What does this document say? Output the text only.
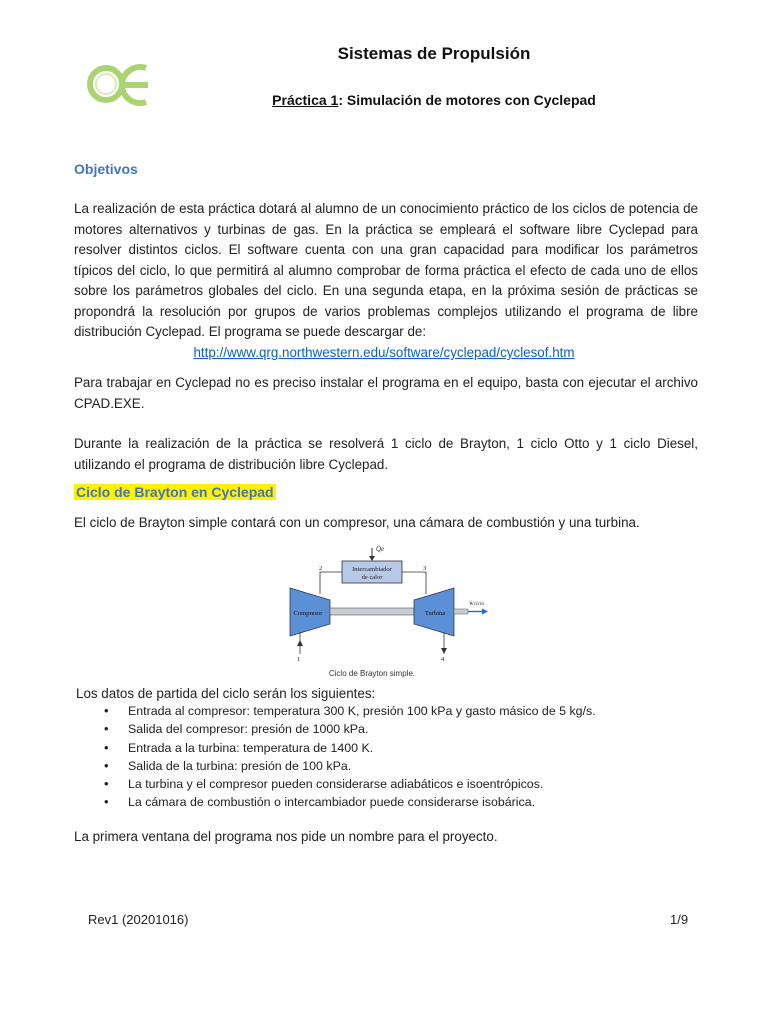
Sistemas de Propulsión
Práctica 1: Simulación de motores con Cyclepad
Objetivos
La realización de esta práctica dotará al alumno de un conocimiento práctico de los ciclos de potencia de motores alternativos y turbinas de gas. En la práctica se empleará el software libre Cyclepad para resolver distintos ciclos. El software cuenta con una gran capacidad para modificar los parámetros típicos del ciclo, lo que permitirá al alumno comprobar de forma práctica el efecto de cada uno de ellos sobre los parámetros globales del ciclo. En una segunda etapa, en la próxima sesión de prácticas se propondrá la resolución por grupos de varios problemas complejos utilizando el programa de libre distribución Cyclepad. El programa se puede descargar de:
http://www.qrg.northwestern.edu/software/cyclepad/cyclesof.htm
Para trabajar en Cyclepad no es preciso instalar el programa en el equipo, basta con ejecutar el archivo CPAD.EXE.
Durante la realización de la práctica se resolverá 1 ciclo de Brayton, 1 ciclo Otto y 1 ciclo Diesel, utilizando el programa de distribución libre Cyclepad.
Ciclo de Brayton en Cyclepad
El ciclo de Brayton simple contará con un compresor, una cámara de combustión y una turbina.
Q̇e
Intercambiador
de calor
2	3
Compresor	Turbina
Ẇciclo
1	4
Ciclo de Brayton simple.
Los datos de partida del ciclo serán los siguientes:
• Entrada al compresor: temperatura 300 K, presión 100 kPa y gasto másico de 5 kg/s.
• Salida del compresor: presión de 1000 kPa.
• Entrada a la turbina: temperatura de 1400 K.
• Salida de la turbina: presión de 100 kPa.
• La turbina y el compresor pueden considerarse adiabáticos e isoentrópicos.
• La cámara de combustión o intercambiador puede considerarse isobárica.
La primera ventana del programa nos pide un nombre para el proyecto.
Rev1 (20201016)	1/9
